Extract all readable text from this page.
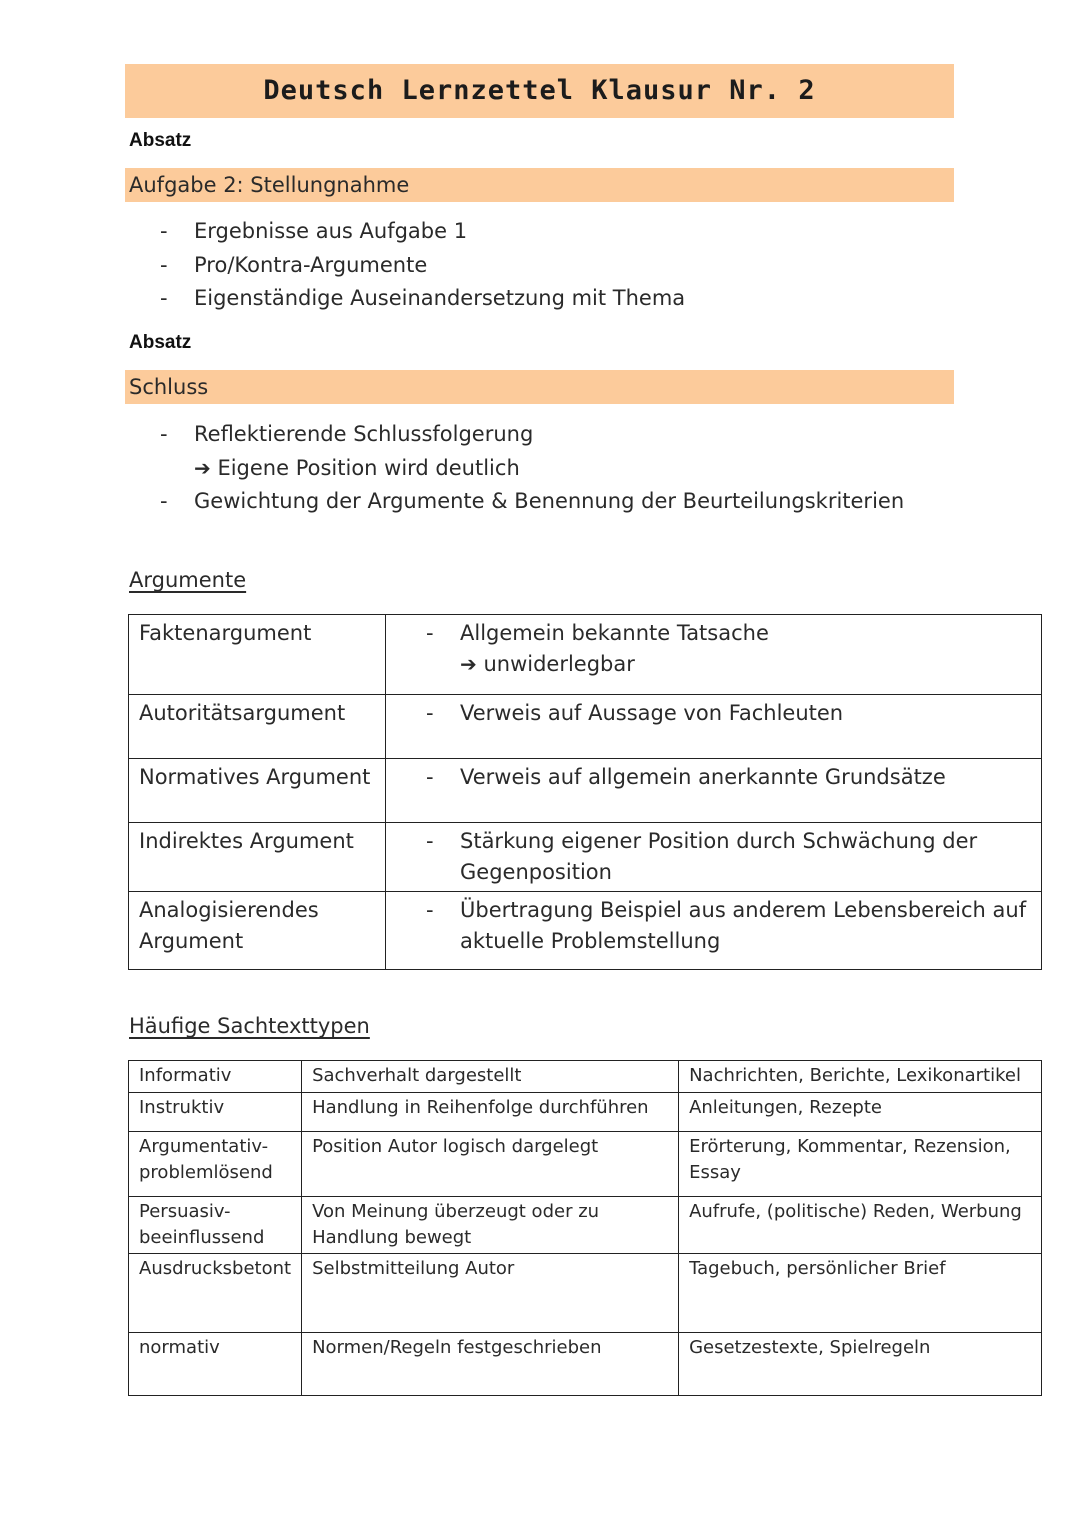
Deutsch Lernzettel Klausur Nr. 2
Absatz
Aufgabe 2: Stellungnahme
- Ergebnisse aus Aufgabe 1
- Pro/Kontra-Argumente
- Eigenständige Auseinandersetzung mit Thema
Absatz
Schluss
- Reflektierende Schlussfolgerung
➔ Eigene Position wird deutlich
- Gewichtung der Argumente & Benennung der Beurteilungskriterien
Argumente
Faktenargument	- Allgemein bekannte Tatsache
➔ unwiderlegbar

Autoritätsargument	- Verweis auf Aussage von Fachleuten

Normatives Argument	- Verweis auf allgemein anerkannte Grundsätze

Indirektes Argument	- Stärkung eigener Position durch Schwächung der Gegenposition

Analogisierendes Argument	- Übertragung Beispiel aus anderem Lebensbereich auf aktuelle Problemstellung
Häufige Sachtexttypen
Informativ	Sachverhalt dargestellt	Nachrichten, Berichte, Lexikonartikel
Instruktiv	Handlung in Reihenfolge durchführen	Anleitungen, Rezepte
Argumentativ-problemlösend	Position Autor logisch dargelegt	Erörterung, Kommentar, Rezension, Essay
Persuasiv-beeinflussend	Von Meinung überzeugt oder zu Handlung bewegt	Aufrufe, (politische) Reden, Werbung
Ausdrucksbetont	Selbstmitteilung Autor	Tagebuch, persönlicher Brief
normativ	Normen/Regeln festgeschrieben	Gesetzestexte, Spielregeln
